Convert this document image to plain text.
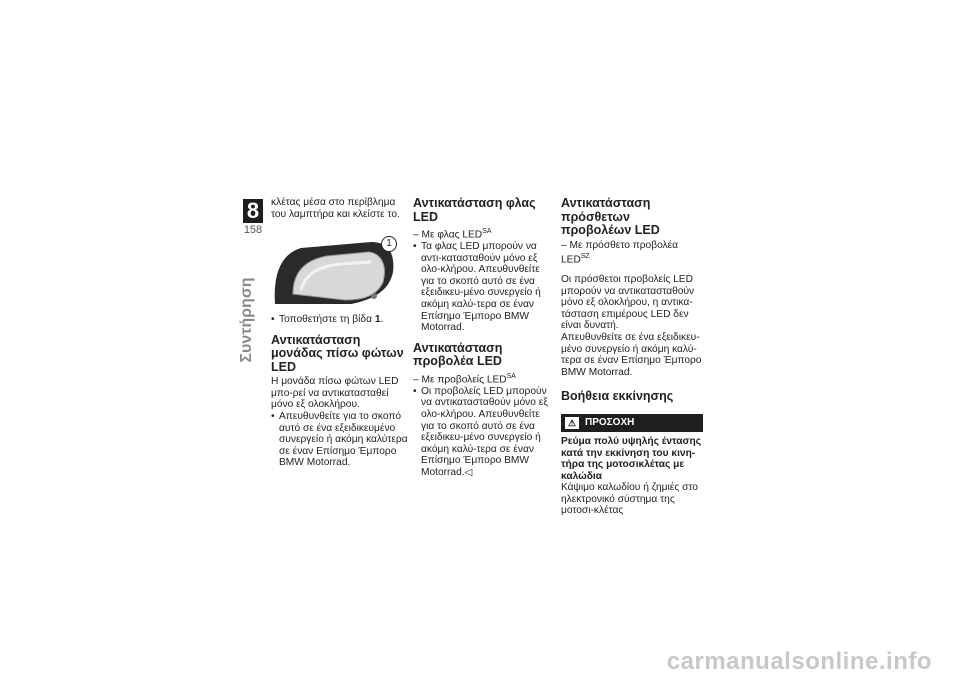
8
158
Συντήρηση

κλέτας μέσα στο περίβλημα του λαμπτήρα και κλείστε το.

1

• Τοποθετήστε τη βίδα 1.

Αντικατάσταση μονάδας πίσω φώτων LED

Η μονάδα πίσω φώτων LED μπο-ρεί να αντικατασταθεί μόνο εξ ολοκλήρου.

• Απευθυνθείτε για το σκοπό αυτό σε ένα εξειδικευμένο συνεργείο ή ακόμη καλύτερα σε έναν Επίσημο Έμπορο BMW Motorrad.

Αντικατάσταση φλας LED

– Με φλας $LED^{SA}$

• Τα φλας LED μπορούν να αντι-κατασταθούν μόνο εξ ολο-κλήρου. Απευθυνθείτε για το σκοπό αυτό σε ένα εξειδικευ-μένο συνεργείο ή ακόμη καλύ-τερα σε έναν Επίσημο Έμπορο BMW Motorrad.

Αντικατάσταση προβολέα LED

– Με προβολείς $LED^{SA}$

• Οι προβολείς LED μπορούν να αντικατασταθούν μόνο εξ ολο-κλήρου. Απευθυνθείτε για το σκοπό αυτό σε ένα εξειδικευ-μένο συνεργείο ή ακόμη καλύ-τερα σε έναν Επίσημο Έμπορο BMW Motorrad.◁

Αντικατάσταση πρόσθετων προβολέων LED

– Με πρόσθετο προβολέα $LED^{SZ}$

Οι πρόσθετοι προβολείς LED μπορούν να αντικατασταθούν μόνο εξ ολοκλήρου, η αντικα-τάσταση επιμέρους LED δεν είναι δυνατή.

Απευθυνθείτε σε ένα εξειδικευ-μένο συνεργείο ή ακόμη καλύ-τερα σε έναν Επίσημο Έμπορο BMW Motorrad.

Βοήθεια εκκίνησης
⚠ ΠΡΟΣΟΧΗ

Ρεύμα πολύ υψηλής έντασης κατά την εκκίνηση του κινη-τήρα της μοτοσικλέτας με καλώδια

Κάψιμο καλωδίου ή ζημιές στο ηλεκτρονικό σύστημα της μοτοσι-κλέτας

carmanualsonline.info
